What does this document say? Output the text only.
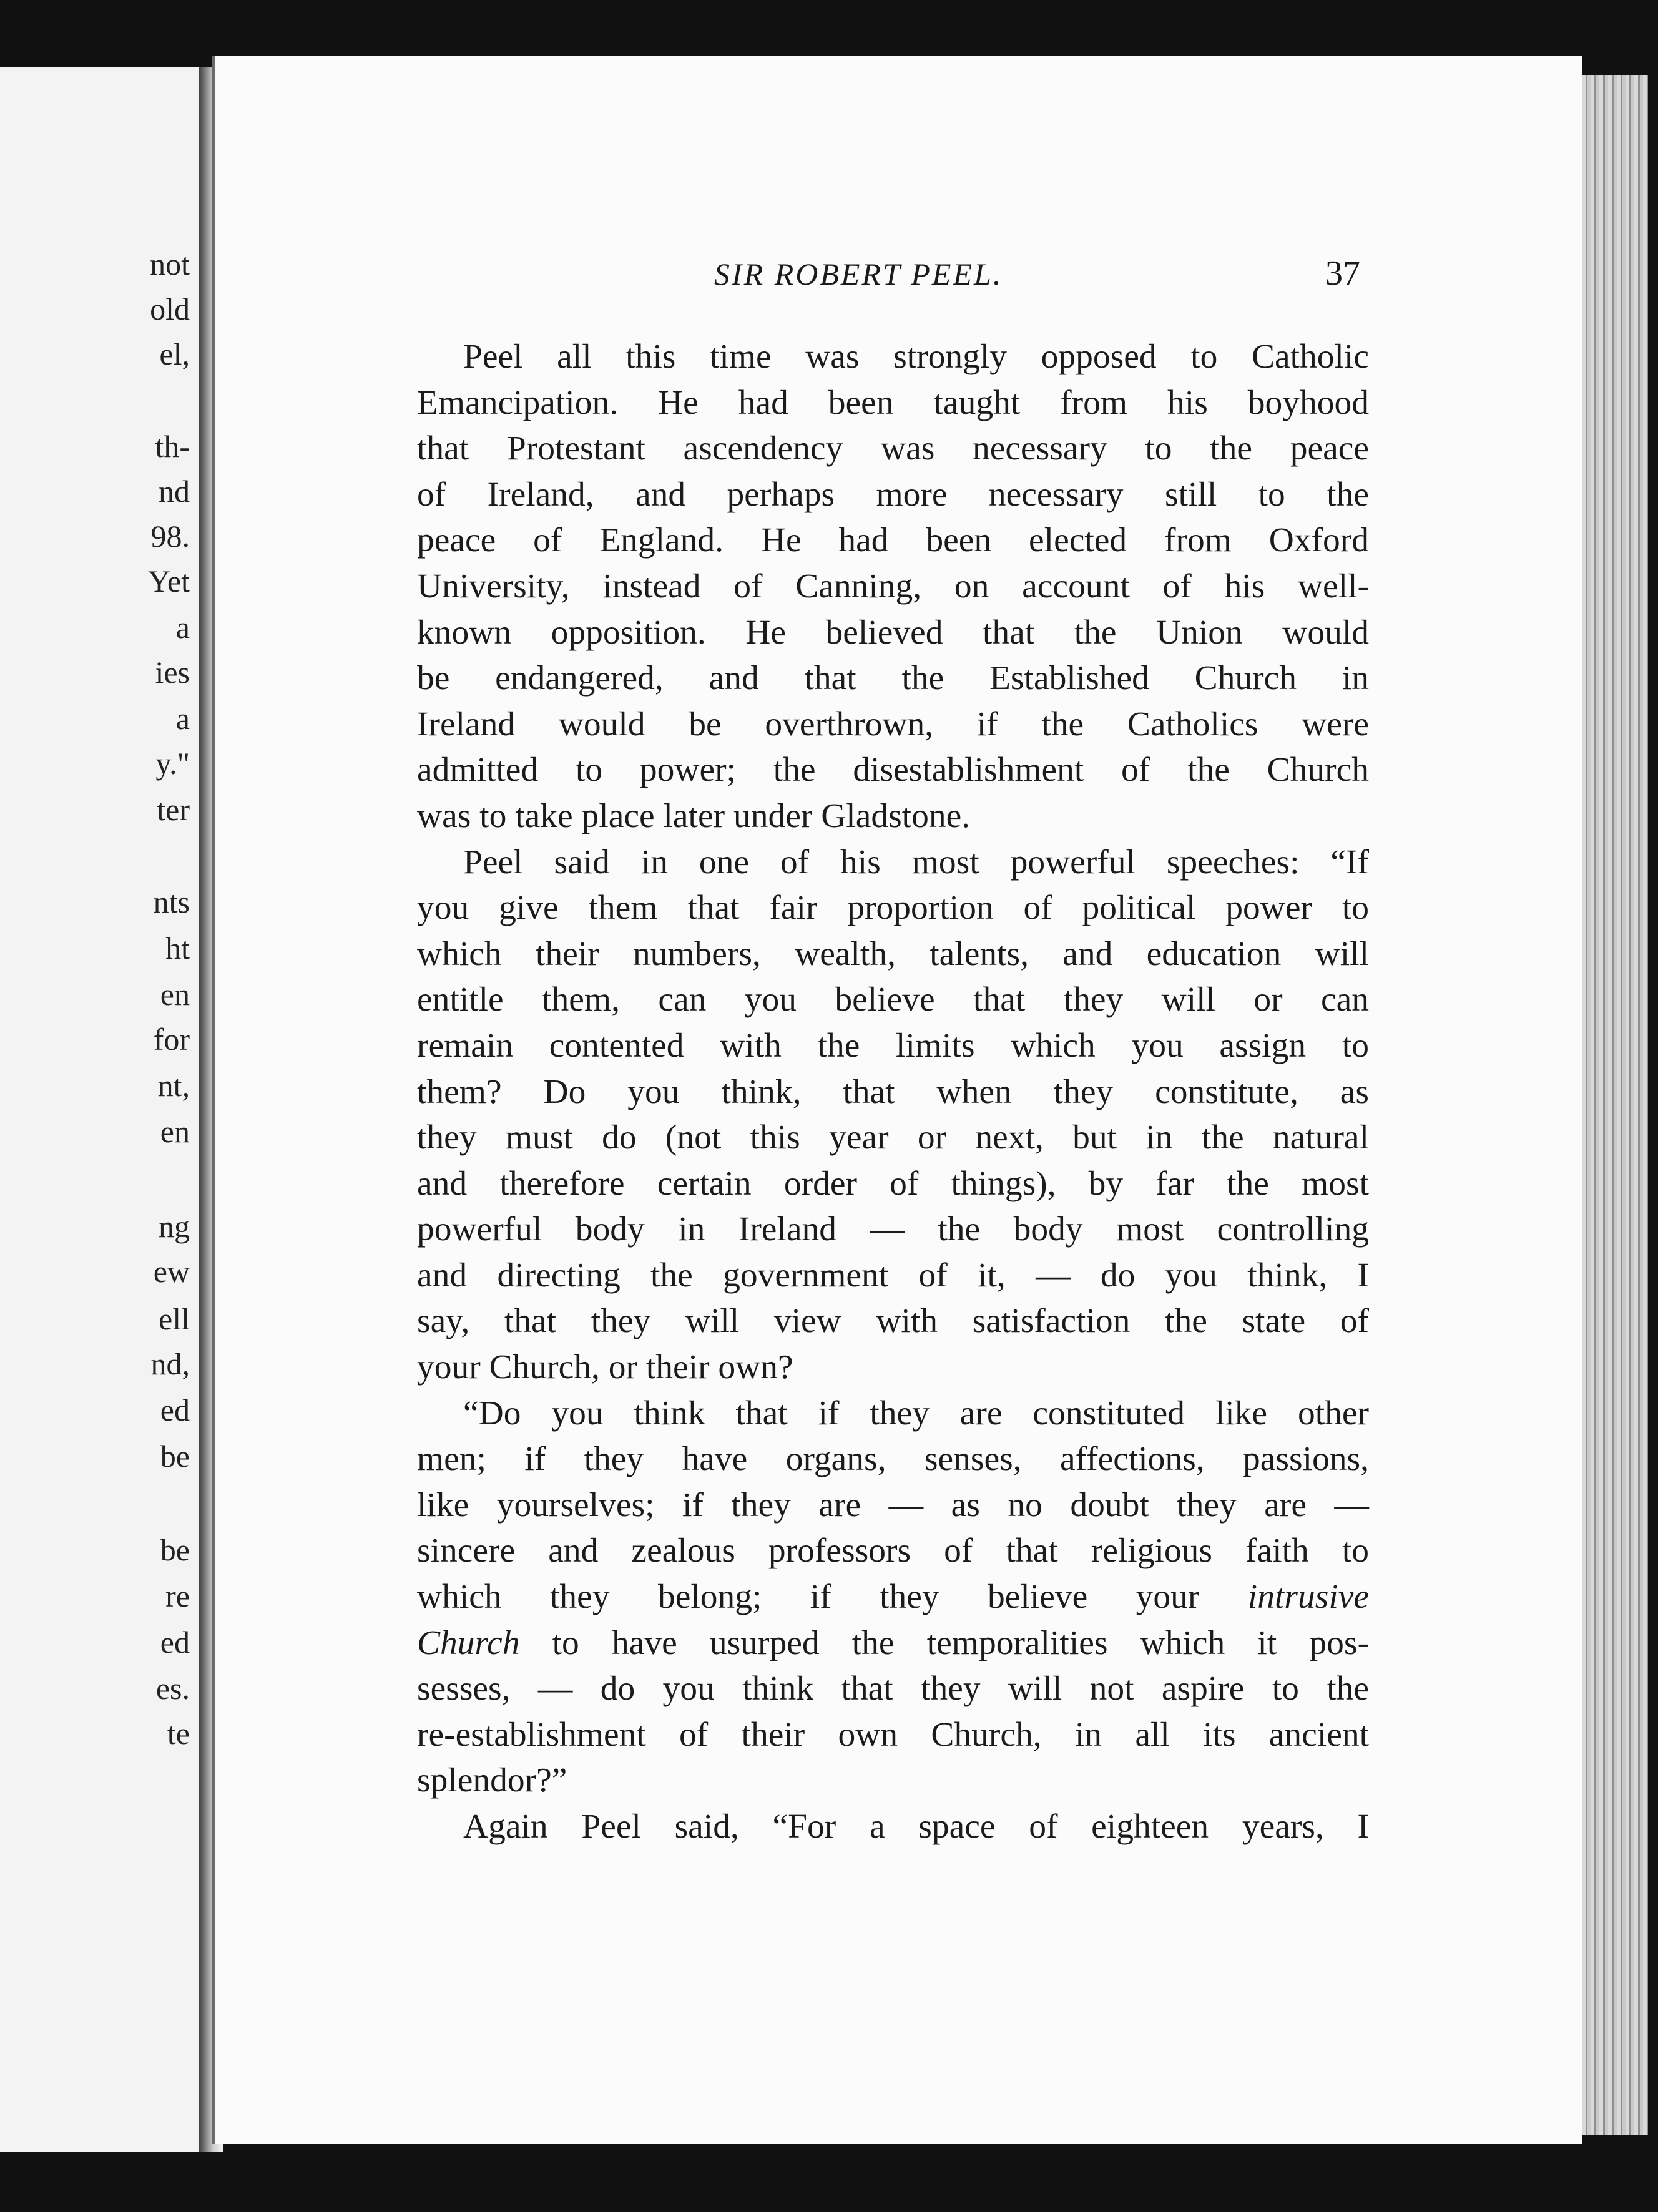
not
old
el,
th-
nd
98.
Yet
a
ies
a
y."
ter
nts
ht
en
for
nt,
en
ng
ew
ell
nd,
ed
be
be
re
ed
es.
te
SIR ROBERT PEEL.	37

Peel all this time was strongly opposed to Catholic
Emancipation. He had been taught from his boyhood
that Protestant ascendency was necessary to the peace
of Ireland, and perhaps more necessary still to the
peace of England. He had been elected from Oxford
University, instead of Canning, on account of his well-
known opposition. He believed that the Union would
be endangered, and that the Established Church in
Ireland would be overthrown, if the Catholics were
admitted to power; the disestablishment of the Church
was to take place later under Gladstone.

Peel said in one of his most powerful speeches: “If
you give them that fair proportion of political power to
which their numbers, wealth, talents, and education will
entitle them, can you believe that they will or can
remain contented with the limits which you assign to
them? Do you think, that when they constitute, as
they must do (not this year or next, but in the natural
and therefore certain order of things), by far the most
powerful body in Ireland — the body most controlling
and directing the government of it, — do you think, I
say, that they will view with satisfaction the state of
your Church, or their own?

“Do you think that if they are constituted like other
men; if they have organs, senses, affections, passions,
like yourselves; if they are — as no doubt they are —
sincere and zealous professors of that religious faith to
which they belong; if they believe your intrusive
Church to have usurped the temporalities which it pos-
sesses, — do you think that they will not aspire to the
re-establishment of their own Church, in all its ancient
splendor?”

Again Peel said, “For a space of eighteen years, I
